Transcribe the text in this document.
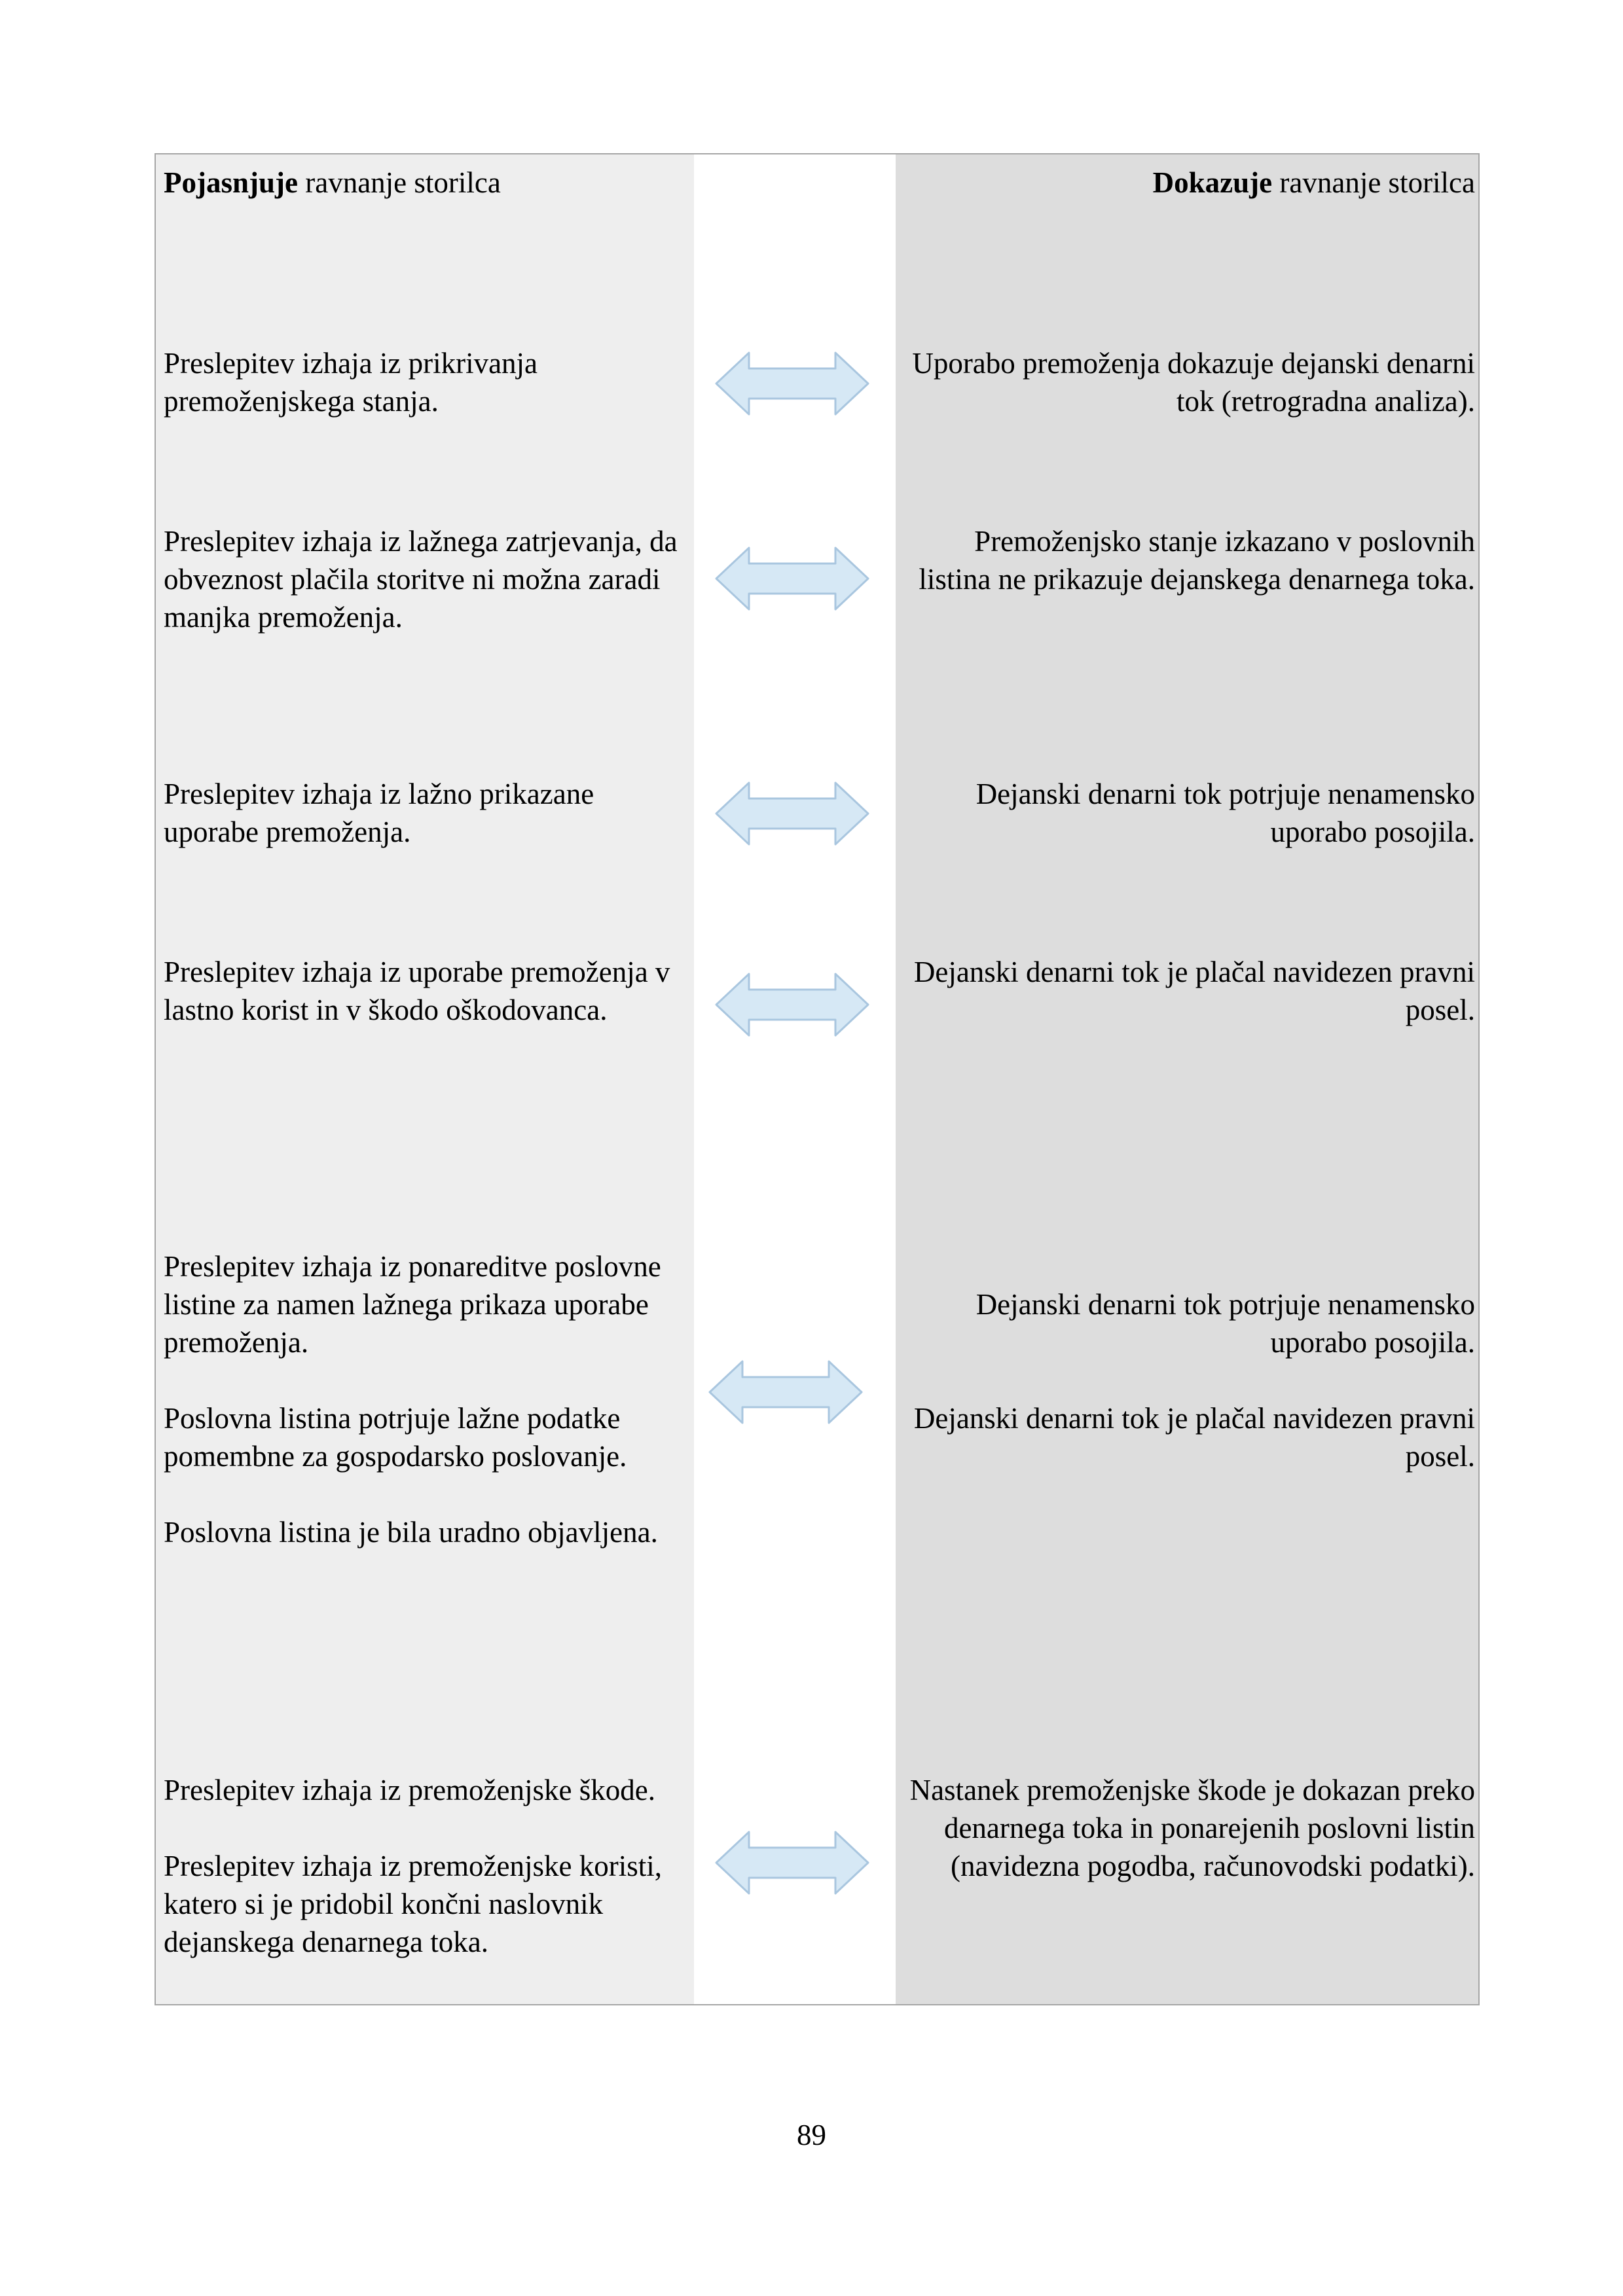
Pojasnjuje ravnanje storilca	Dokazuje ravnanje storilca

Preslepitev izhaja iz prikrivanja premoženjskega stanja.

Uporabo premoženja dokazuje dejanski denarni tok (retrogradna analiza).

Preslepitev izhaja iz lažnega zatrjevanja, da obveznost plačila storitve ni možna zaradi manjka premoženja.

Premoženjsko stanje izkazano v poslovnih listina ne prikazuje dejanskega denarnega toka.

Preslepitev izhaja iz lažno prikazane uporabe premoženja.

Dejanski denarni tok potrjuje nenamensko uporabo posojila.

Preslepitev izhaja iz uporabe premoženja v lastno korist in v škodo oškodovanca.

Dejanski denarni tok je plačal navidezen pravni posel.

Preslepitev izhaja iz ponareditve poslovne listine za namen lažnega prikaza uporabe premoženja.

Poslovna listina potrjuje lažne podatke pomembne za gospodarsko poslovanje.

Poslovna listina je bila uradno objavljena.

Dejanski denarni tok potrjuje nenamensko uporabo posojila.

Dejanski denarni tok je plačal navidezen pravni posel.

Preslepitev izhaja iz premoženjske škode.

Preslepitev izhaja iz premoženjske koristi, katero si je pridobil končni naslovnik dejanskega denarnega toka.

Nastanek premoženjske škode je dokazan preko denarnega toka in ponarejenih poslovni listin (navidezna pogodba, računovodski podatki).

89
